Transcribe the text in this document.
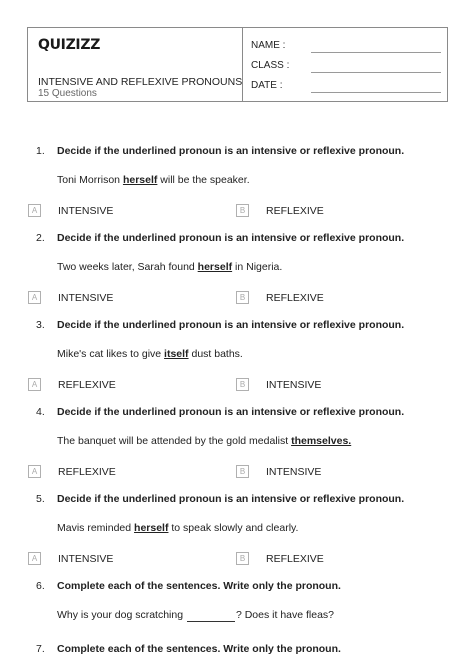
QUIZIZZ
INTENSIVE AND REFLEXIVE PRONOUNS
15 Questions
NAME :
CLASS :
DATE :
1. Decide if the underlined pronoun is an intensive or reflexive pronoun.
Toni Morrison herself will be the speaker.
A	INTENSIVE	B	REFLEXIVE
2. Decide if the underlined pronoun is an intensive or reflexive pronoun.
Two weeks later, Sarah found herself in Nigeria.
A	INTENSIVE	B	REFLEXIVE
3. Decide if the underlined pronoun is an intensive or reflexive pronoun.
Mike's cat likes to give itself dust baths.
A	REFLEXIVE	B	INTENSIVE
4. Decide if the underlined pronoun is an intensive or reflexive pronoun.
The banquet will be attended by the gold medalist themselves.
A	REFLEXIVE	B	INTENSIVE
5. Decide if the underlined pronoun is an intensive or reflexive pronoun.
Mavis reminded herself to speak slowly and clearly.
A	INTENSIVE	B	REFLEXIVE
6. Complete each of the sentences. Write only the pronoun.
Why is your dog scratching	? Does it have fleas?
7. Complete each of the sentences. Write only the pronoun.
